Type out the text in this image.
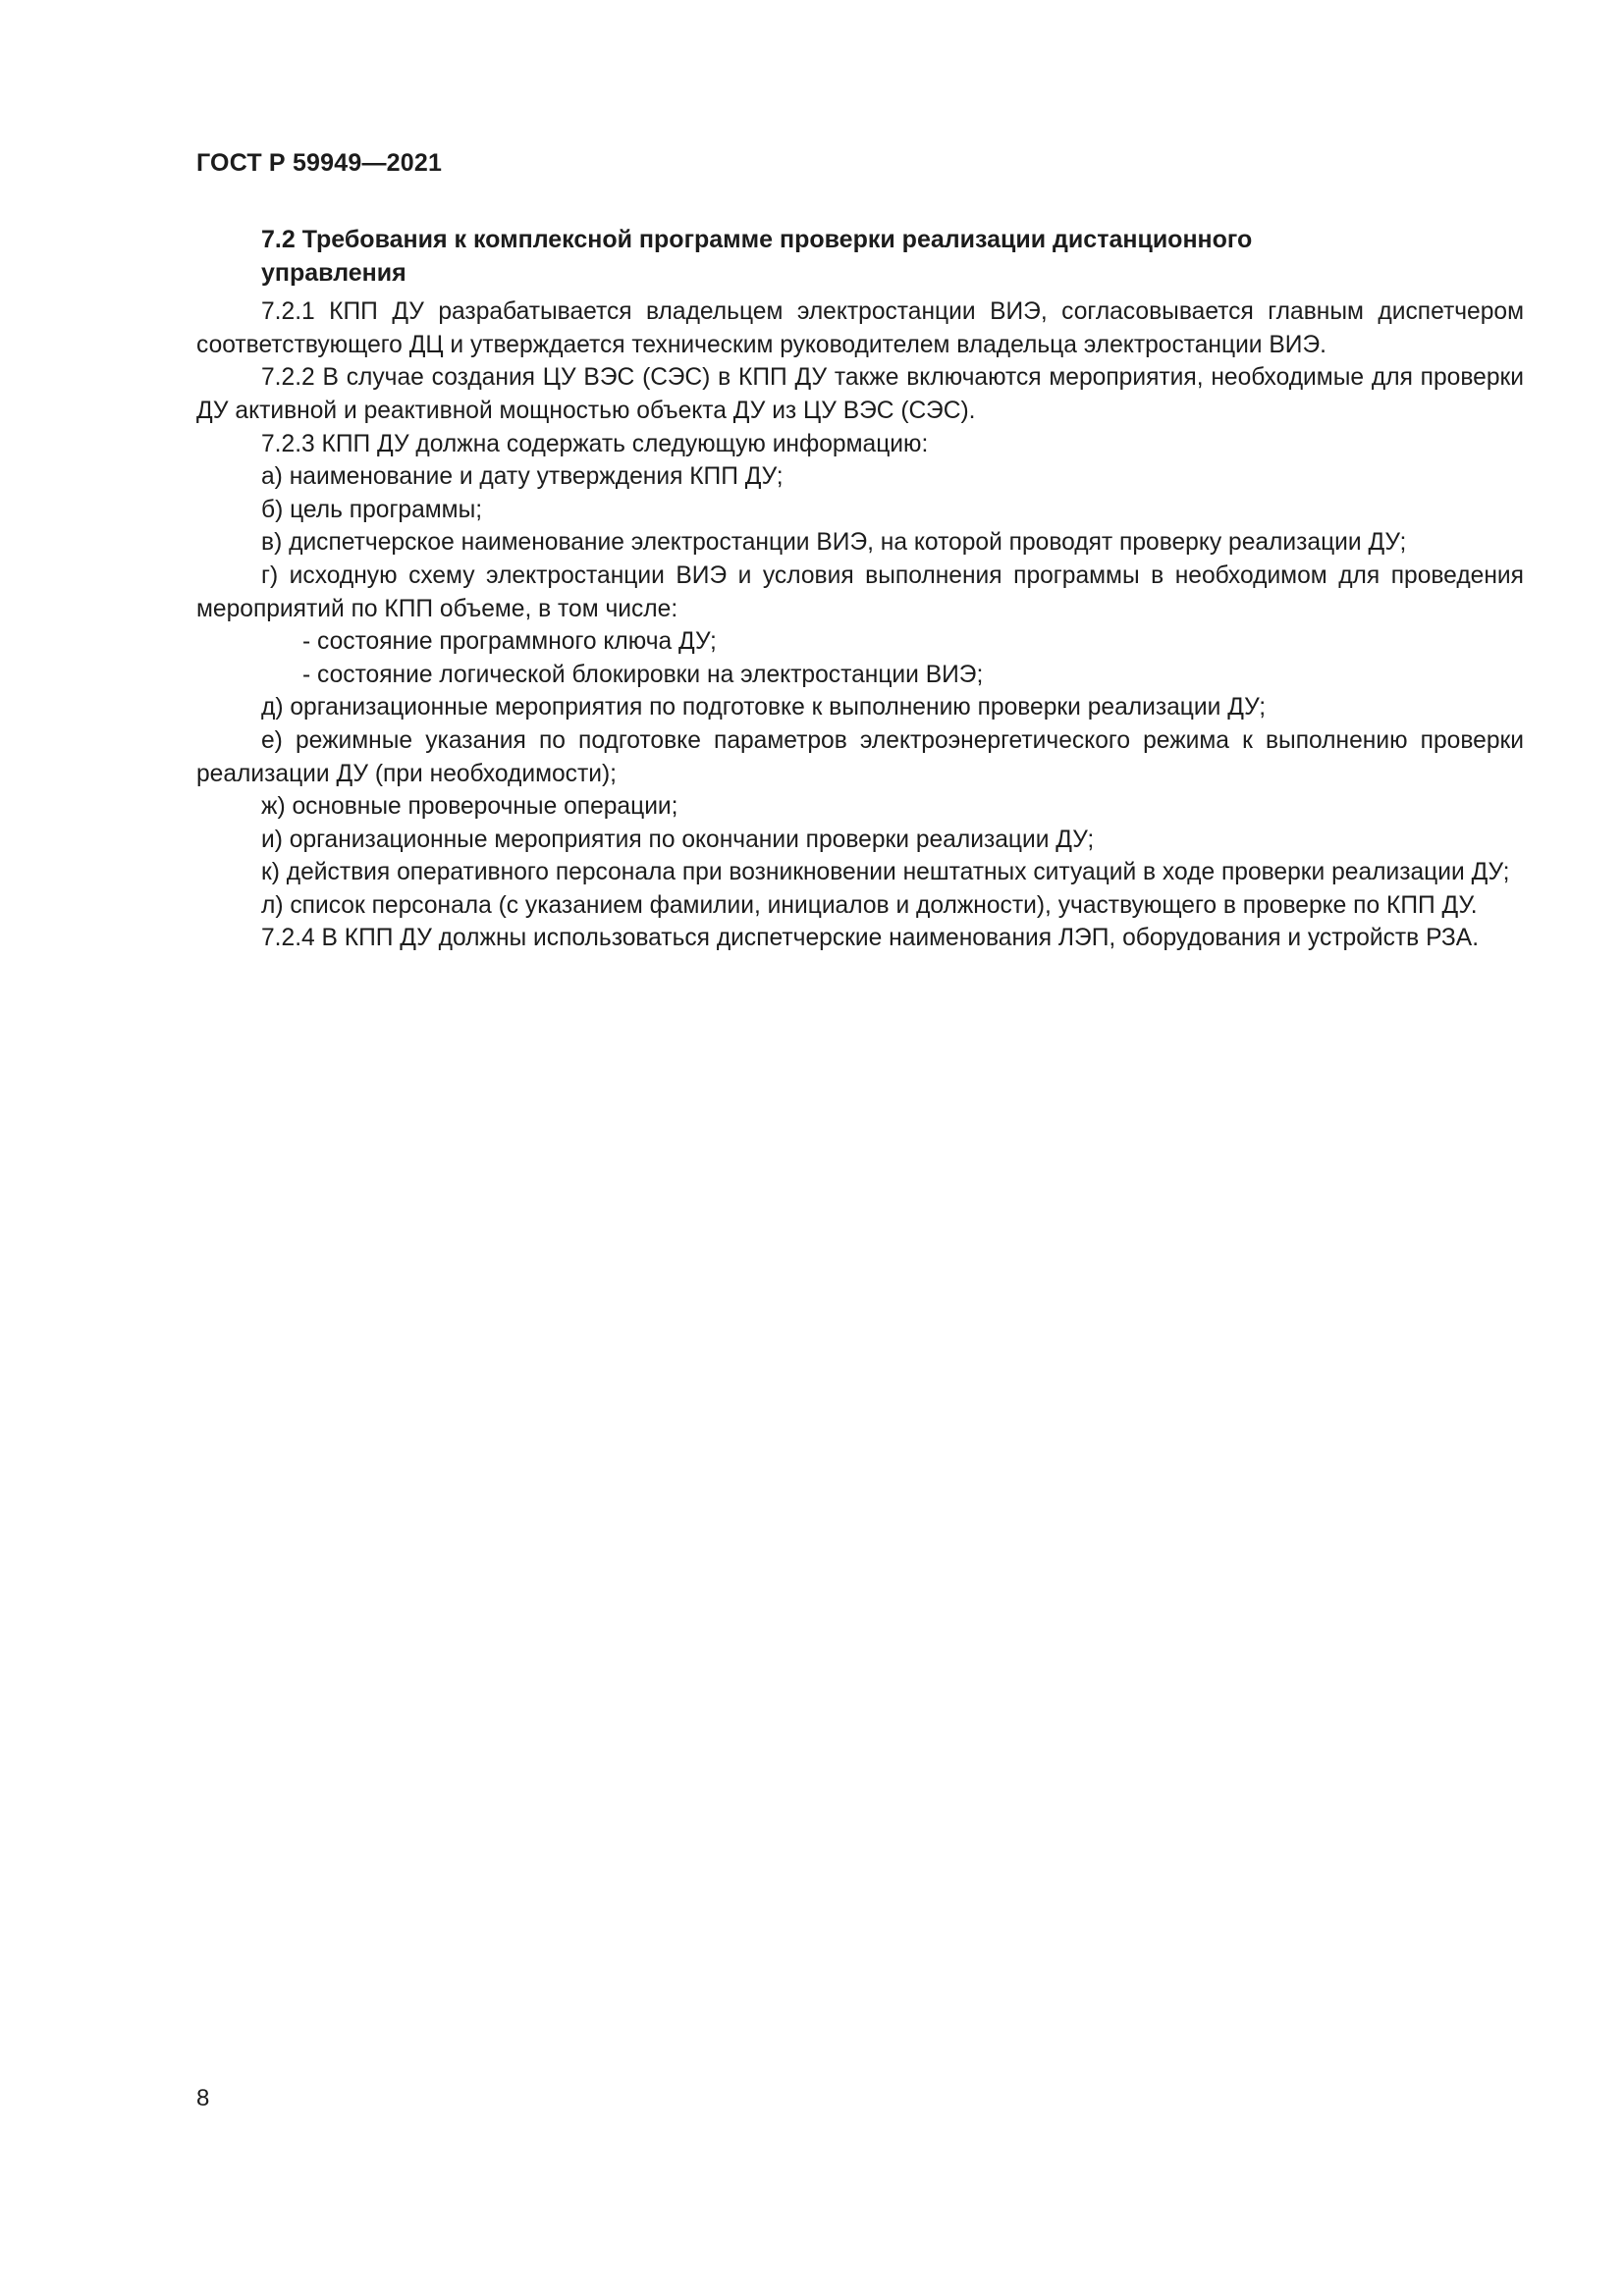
ГОСТ Р 59949—2021
7.2 Требования к комплексной программе проверки реализации дистанционного
управления

7.2.1 КПП ДУ разрабатывается владельцем электростанции ВИЭ, согласовывается главным диспетчером соответствующего ДЦ и утверждается техническим руководителем владельца электростанции ВИЭ.

7.2.2 В случае создания ЦУ ВЭС (СЭС) в КПП ДУ также включаются мероприятия, необходимые для проверки ДУ активной и реактивной мощностью объекта ДУ из ЦУ ВЭС (СЭС).

7.2.3 КПП ДУ должна содержать следующую информацию:

а) наименование и дату утверждения КПП ДУ;

б) цель программы;

в) диспетчерское наименование электростанции ВИЭ, на которой проводят проверку реализации ДУ;

г) исходную схему электростанции ВИЭ и условия выполнения программы в необходимом для проведения мероприятий по КПП объеме, в том числе:

- состояние программного ключа ДУ;

- состояние логической блокировки на электростанции ВИЭ;

д) организационные мероприятия по подготовке к выполнению проверки реализации ДУ;

е) режимные указания по подготовке параметров электроэнергетического режима к выполнению проверки реализации ДУ (при необходимости);

ж) основные проверочные операции;

и) организационные мероприятия по окончании проверки реализации ДУ;

к) действия оперативного персонала при возникновении нештатных ситуаций в ходе проверки реализации ДУ;

л) список персонала (с указанием фамилии, инициалов и должности), участвующего в проверке по КПП ДУ.

7.2.4 В КПП ДУ должны использоваться диспетчерские наименования ЛЭП, оборудования и устройств РЗА.

8
